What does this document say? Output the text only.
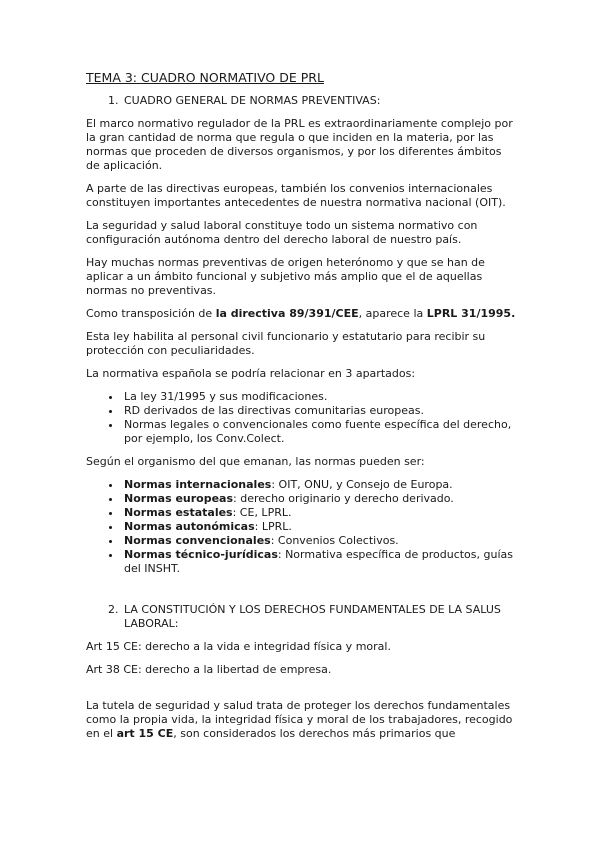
TEMA 3: CUADRO NORMATIVO DE PRL
1. CUADRO GENERAL DE NORMAS PREVENTIVAS:

El marco normativo regulador de la PRL es extraordinariamente complejo por la gran cantidad de norma que regula o que inciden en la materia, por las normas que proceden de diversos organismos, y por los diferentes ámbitos de aplicación.

A parte de las directivas europeas, también los convenios internacionales constituyen importantes antecedentes de nuestra normativa nacional (OIT).

La seguridad y salud laboral constituye todo un sistema normativo con configuración autónoma dentro del derecho laboral de nuestro país.

Hay muchas normas preventivas de origen heterónomo y que se han de aplicar a un ámbito funcional y subjetivo más amplio que el de aquellas normas no preventivas.

Como transposición de la directiva 89/391/CEE, aparece la LPRL 31/1995.

Esta ley habilita al personal civil funcionario y estatutario para recibir su protección con peculiaridades.

La normativa española se podría relacionar en 3 apartados:

• La ley 31/1995 y sus modificaciones.
• RD derivados de las directivas comunitarias europeas.
• Normas legales o convencionales como fuente específica del derecho, por ejemplo, los Conv.Colect.

Según el organismo del que emanan, las normas pueden ser:

• Normas internacionales: OIT, ONU, y Consejo de Europa.
• Normas europeas: derecho originario y derecho derivado.
• Normas estatales: CE, LPRL.
• Normas autonómicas: LPRL.
• Normas convencionales: Convenios Colectivos.
• Normas técnico-jurídicas: Normativa específica de productos, guías del INSHT.
2. LA CONSTITUCIÓN Y LOS DERECHOS FUNDAMENTALES DE LA SALUS LABORAL:

Art 15 CE: derecho a la vida e integridad física y moral.

Art 38 CE: derecho a la libertad de empresa.

La tutela de seguridad y salud trata de proteger los derechos fundamentales como la propia vida, la integridad física y moral de los trabajadores, recogido en el art 15 CE, son considerados los derechos más primarios que
